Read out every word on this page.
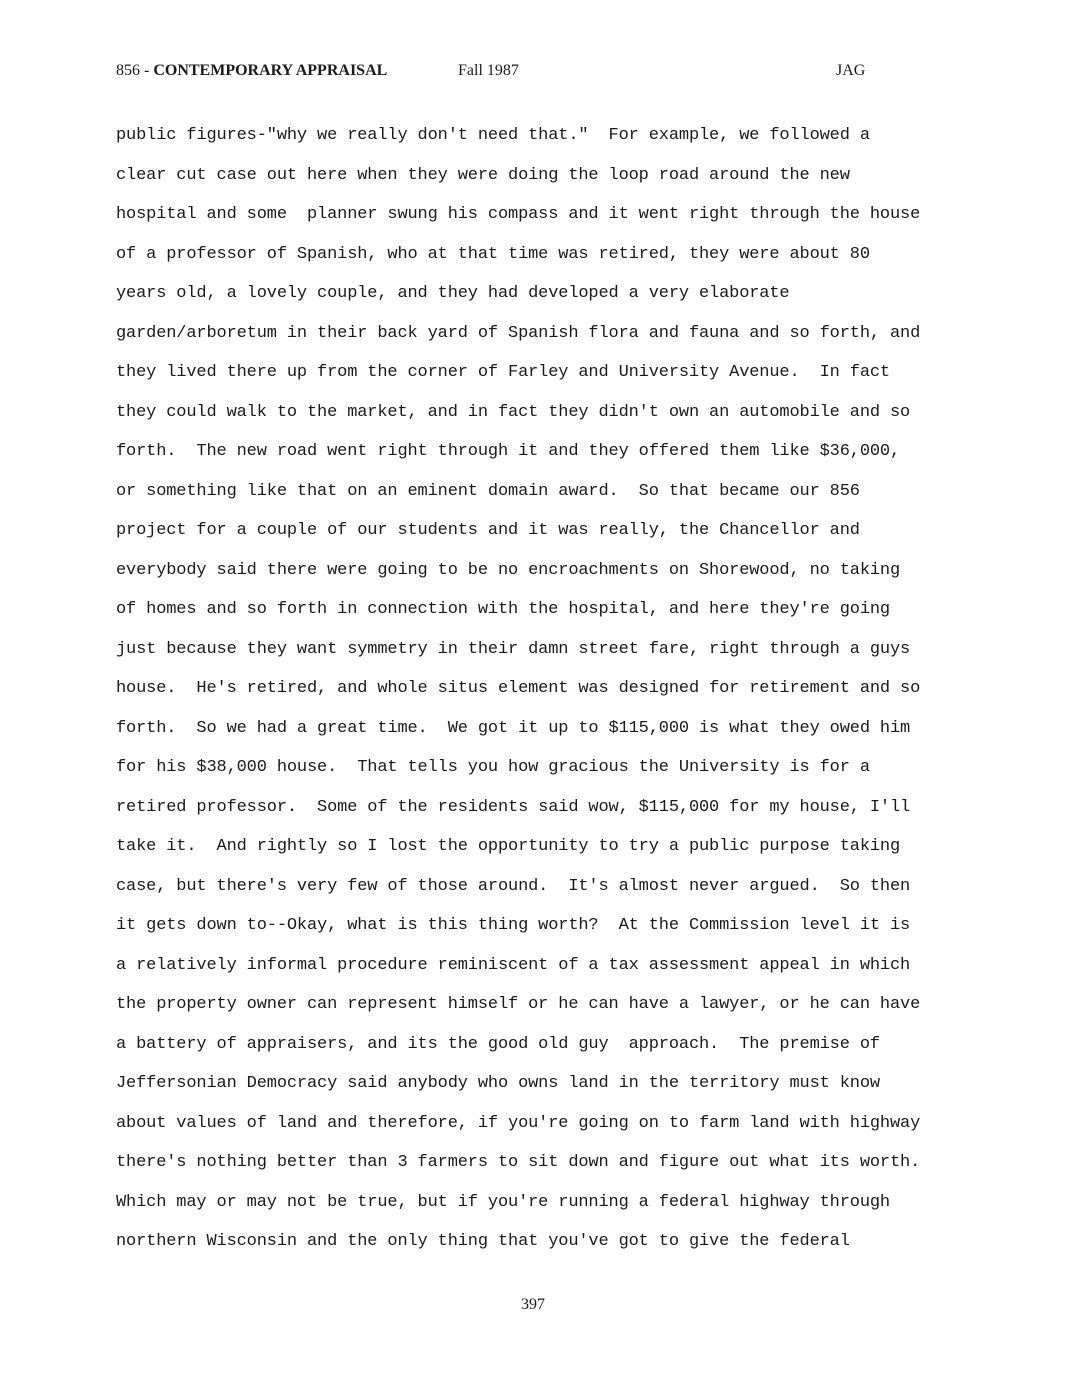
856 - CONTEMPORARY APPRAISAL	Fall 1987	JAG
public figures-"why we really don't need that."  For example, we followed a
clear cut case out here when they were doing the loop road around the new
hospital and some  planner swung his compass and it went right through the house
of a professor of Spanish, who at that time was retired, they were about 80
years old, a lovely couple, and they had developed a very elaborate
garden/arboretum in their back yard of Spanish flora and fauna and so forth, and
they lived there up from the corner of Farley and University Avenue.  In fact
they could walk to the market, and in fact they didn't own an automobile and so
forth.  The new road went right through it and they offered them like $36,000,
or something like that on an eminent domain award.  So that became our 856
project for a couple of our students and it was really, the Chancellor and
everybody said there were going to be no encroachments on Shorewood, no taking
of homes and so forth in connection with the hospital, and here they're going
just because they want symmetry in their damn street fare, right through a guys
house.  He's retired, and whole situs element was designed for retirement and so
forth.  So we had a great time.  We got it up to $115,000 is what they owed him
for his $38,000 house.  That tells you how gracious the University is for a
retired professor.  Some of the residents said wow, $115,000 for my house, I'll
take it.  And rightly so I lost the opportunity to try a public purpose taking
case, but there's very few of those around.  It's almost never argued.  So then
it gets down to--Okay, what is this thing worth?  At the Commission level it is
a relatively informal procedure reminiscent of a tax assessment appeal in which
the property owner can represent himself or he can have a lawyer, or he can have
a battery of appraisers, and its the good old guy  approach.  The premise of
Jeffersonian Democracy said anybody who owns land in the territory must know
about values of land and therefore, if you're going on to farm land with highway
there's nothing better than 3 farmers to sit down and figure out what its worth.
Which may or may not be true, but if you're running a federal highway through
northern Wisconsin and the only thing that you've got to give the federal
397
